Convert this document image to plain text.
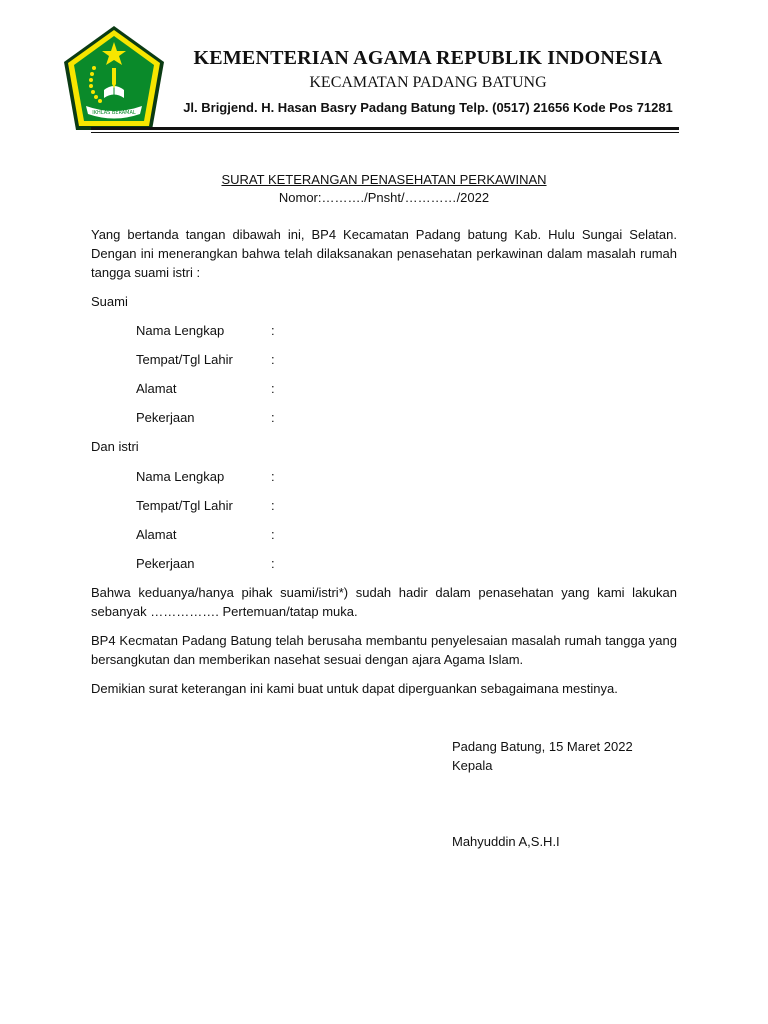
IKHLAS BERAMAL
KEMENTERIAN AGAMA REPUBLIK INDONESIA
KECAMATAN PADANG BATUNG
Jl. Brigjend. H. Hasan Basry Padang Batung Telp. (0517) 21656 Kode Pos 71281
SURAT KETERANGAN PENASEHATAN PERKAWINAN
Nomor:………./Pnsht/…………/2022
Yang bertanda tangan dibawah ini, BP4 Kecamatan Padang batung Kab. Hulu Sungai Selatan. Dengan ini menerangkan bahwa telah dilaksanakan penasehatan perkawinan dalam masalah rumah tangga suami istri :
Suami
Nama Lengkap	:
Tempat/Tgl Lahir	:
Alamat	:
Pekerjaan	:
Dan istri
Nama Lengkap	:
Tempat/Tgl Lahir	:
Alamat	:
Pekerjaan	:
Bahwa keduanya/hanya pihak suami/istri*) sudah hadir dalam penasehatan yang kami lakukan sebanyak ……………. Pertemuan/tatap muka.
BP4 Kecmatan Padang Batung telah berusaha membantu penyelesaian masalah rumah tangga yang bersangkutan dan memberikan nasehat sesuai dengan ajara Agama Islam.
Demikian surat keterangan ini kami buat untuk dapat diperguankan sebagaimana mestinya.
Padang Batung, 15 Maret 2022
Kepala
Mahyuddin A,S.H.I
